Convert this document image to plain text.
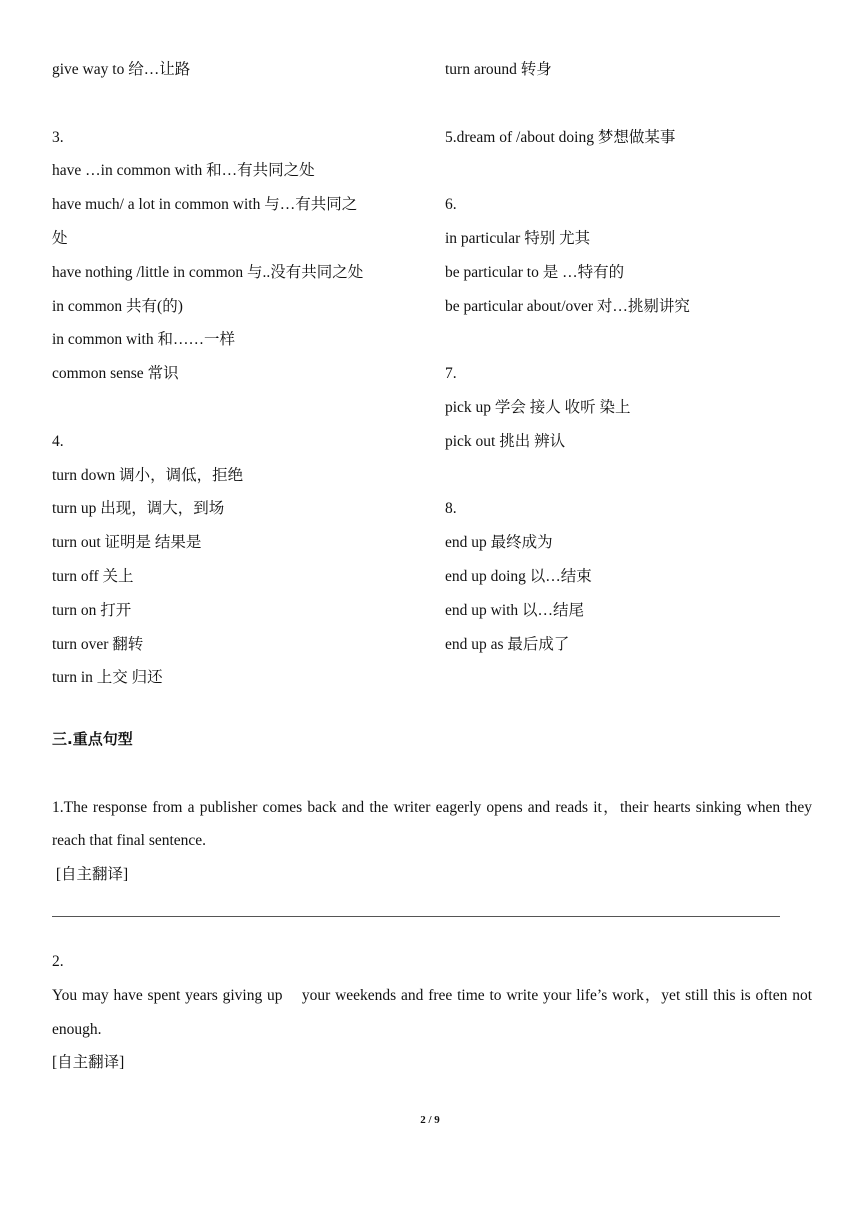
give way to 给…让路
3.
have …in common with 和…有共同之处
have much/ a lot in common with 与…有共同之
处
have nothing /little in common 与..没有共同之处
in common 共有(的)
in common with 和……一样
common sense 常识
4.
turn down 调小，调低，拒绝
turn up 出现，调大，到场
turn out 证明是 结果是
turn off 关上
turn on 打开
turn over 翻转
turn in 上交 归还
turn around 转身
5.dream of /about doing 梦想做某事
6.
in particular 特别 尤其
be particular to 是 …特有的
be particular about/over 对…挑剔讲究
7.
pick up 学会 接人 收听 染上
pick out 挑出 辨认
8.
end up 最终成为
end up doing 以…结束
end up with 以…结尾
end up as 最后成了
三.重点句型
1.The response from a publisher comes back and the writer eagerly opens and reads it，their hearts sinking when they reach that final sentence.
[自主翻译]
2.
You may have spent years giving up    your weekends and free time to write your life’s work，yet still this is often not enough.
[自主翻译]
2 / 9
